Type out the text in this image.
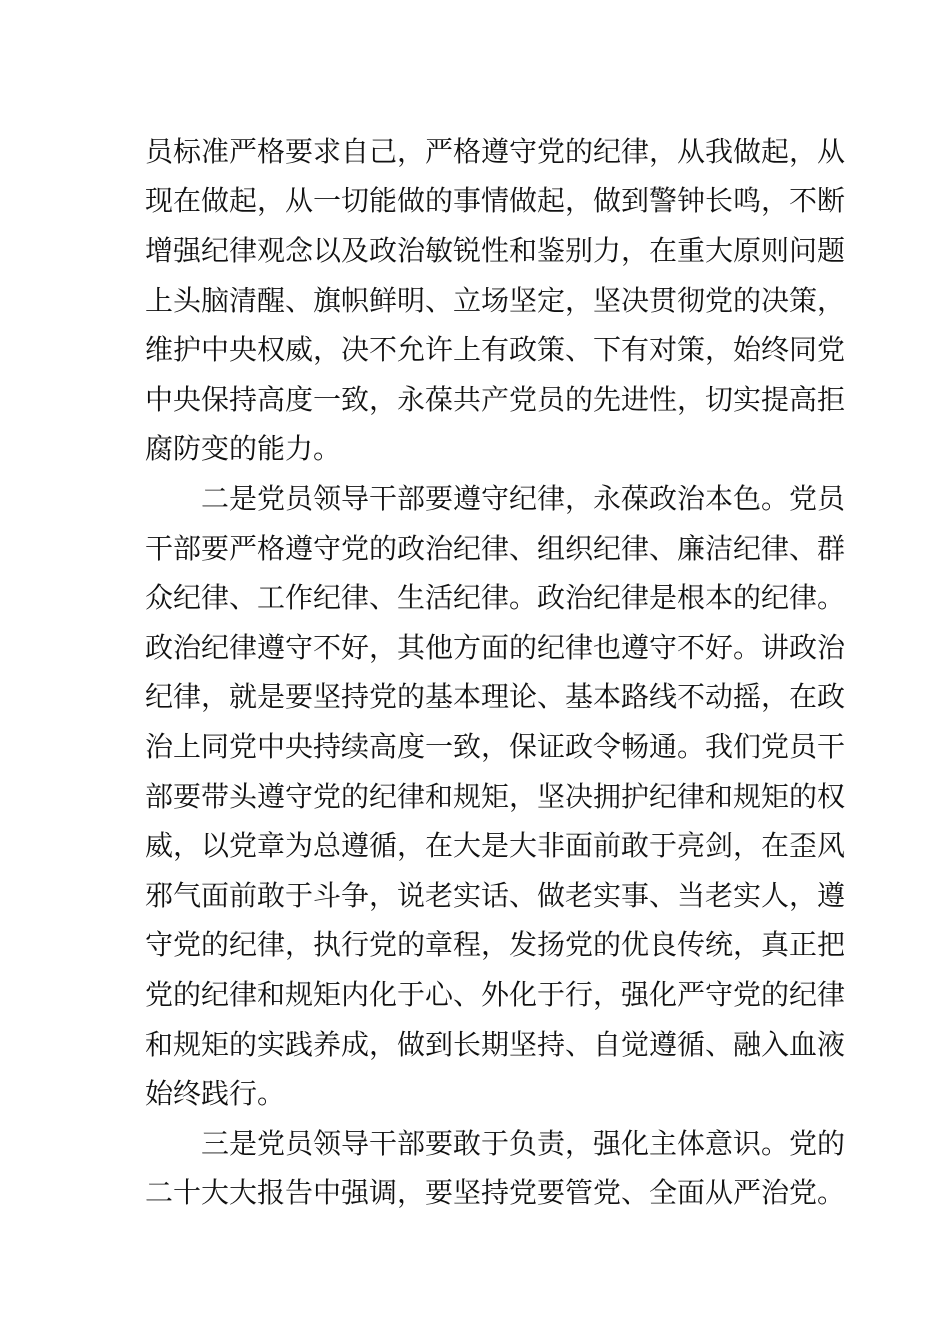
员标准严格要求自己，严格遵守党的纪律，从我做起，从
现在做起，从一切能做的事情做起，做到警钟长鸣，不断
增强纪律观念以及政治敏锐性和鉴别力，在重大原则问题
上头脑清醒、旗帜鲜明、立场坚定，坚决贯彻党的决策，
维护中央权威，决不允许上有政策、下有对策，始终同党
中央保持高度一致，永葆共产党员的先进性，切实提高拒
腐防变的能力。
二是党员领导干部要遵守纪律，永葆政治本色。党员
干部要严格遵守党的政治纪律、组织纪律、廉洁纪律、群
众纪律、工作纪律、生活纪律。政治纪律是根本的纪律。
政治纪律遵守不好，其他方面的纪律也遵守不好。讲政治
纪律，就是要坚持党的基本理论、基本路线不动摇，在政
治上同党中央持续高度一致，保证政令畅通。我们党员干
部要带头遵守党的纪律和规矩，坚决拥护纪律和规矩的权
威，以党章为总遵循，在大是大非面前敢于亮剑，在歪风
邪气面前敢于斗争，说老实话、做老实事、当老实人，遵
守党的纪律，执行党的章程，发扬党的优良传统，真正把
党的纪律和规矩内化于心、外化于行，强化严守党的纪律
和规矩的实践养成，做到长期坚持、自觉遵循、融入血液
始终践行。
三是党员领导干部要敢于负责，强化主体意识。党的
二十大大报告中强调，要坚持党要管党、全面从严治党。
